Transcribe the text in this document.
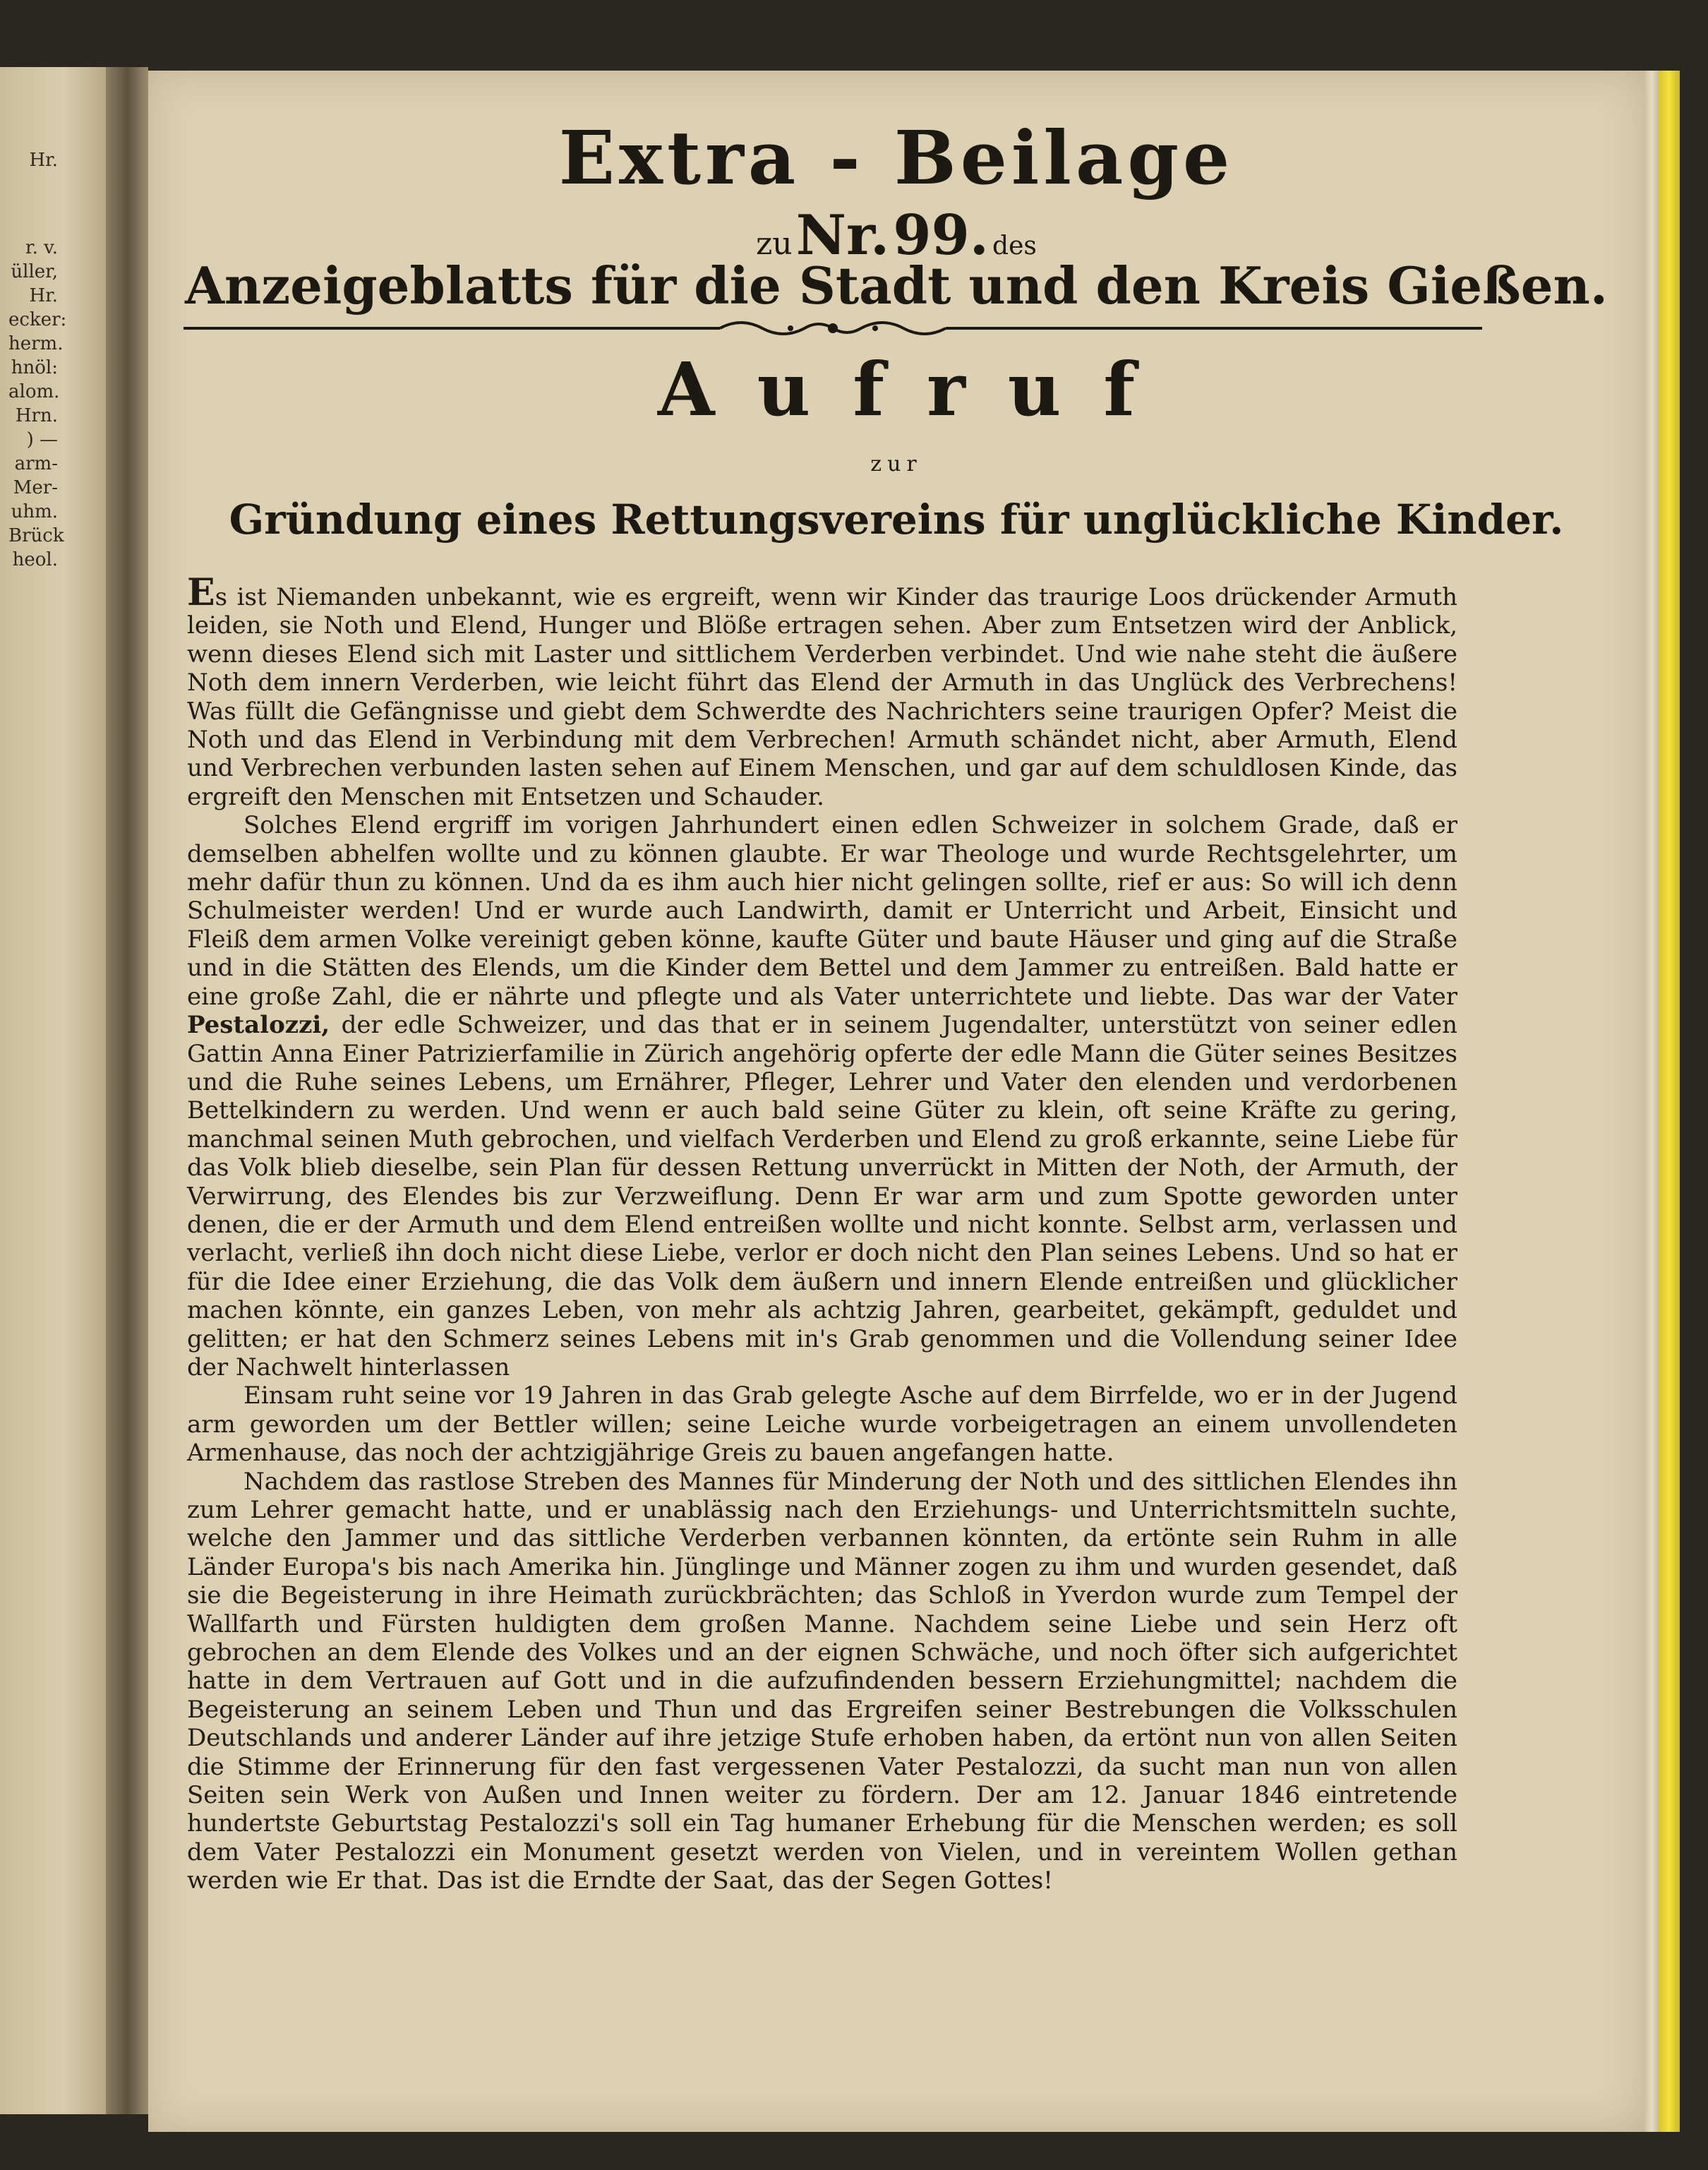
Hr.
r. v.
üller,
Hr.
ecker:
herm.
hnöl:
alom.
Hrn.
) —
arm-
Mer-
uhm.
Brück
heol.
Extra - Beilage
zu Nr. 99. des
Anzeigeblatts für die Stadt und den Kreis Gießen.
Aufruf
zur
Gründung eines Rettungsvereins für unglückliche Kinder.

Es ist Niemanden unbekannt, wie es ergreift, wenn wir Kinder das traurige Loos drückender Armuth leiden, sie Noth und Elend, Hunger und Blöße ertragen sehen. Aber zum Entsetzen wird der Anblick, wenn dieses Elend sich mit Laster und sittlichem Verderben verbindet. Und wie nahe steht die äußere Noth dem innern Verderben, wie leicht führt das Elend der Armuth in das Unglück des Verbrechens! Was füllt die Gefängnisse und giebt dem Schwerdte des Nachrichters seine traurigen Opfer? Meist die Noth und das Elend in Verbindung mit dem Verbrechen! Armuth schändet nicht, aber Armuth, Elend und Verbrechen verbunden lasten sehen auf Einem Menschen, und gar auf dem schuldlosen Kinde, das ergreift den Menschen mit Entsetzen und Schauder.

Solches Elend ergriff im vorigen Jahrhundert einen edlen Schweizer in solchem Grade, daß er demselben abhelfen wollte und zu können glaubte. Er war Theologe und wurde Rechtsgelehrter, um mehr dafür thun zu können. Und da es ihm auch hier nicht gelingen sollte, rief er aus: So will ich denn Schulmeister werden! Und er wurde auch Landwirth, damit er Unterricht und Arbeit, Einsicht und Fleiß dem armen Volke vereinigt geben könne, kaufte Güter und baute Häuser und ging auf die Straße und in die Stätten des Elends, um die Kinder dem Bettel und dem Jammer zu entreißen. Bald hatte er eine große Zahl, die er nährte und pflegte und als Vater unterrichtete und liebte. Das war der Vater Pestalozzi, der edle Schweizer, und das that er in seinem Jugendalter, unterstützt von seiner edlen Gattin Anna Einer Patrizierfamilie in Zürich angehörig opferte der edle Mann die Güter seines Besitzes und die Ruhe seines Lebens, um Ernährer, Pfleger, Lehrer und Vater den elenden und verdorbenen Bettelkindern zu werden. Und wenn er auch bald seine Güter zu klein, oft seine Kräfte zu gering, manchmal seinen Muth gebrochen, und vielfach Verderben und Elend zu groß erkannte, seine Liebe für das Volk blieb dieselbe, sein Plan für dessen Rettung unverrückt in Mitten der Noth, der Armuth, der Verwirrung, des Elendes bis zur Verzweiflung. Denn Er war arm und zum Spotte geworden unter denen, die er der Armuth und dem Elend entreißen wollte und nicht konnte. Selbst arm, verlassen und verlacht, verließ ihn doch nicht diese Liebe, verlor er doch nicht den Plan seines Lebens. Und so hat er für die Idee einer Erziehung, die das Volk dem äußern und innern Elende entreißen und glücklicher machen könnte, ein ganzes Leben, von mehr als achtzig Jahren, gearbeitet, gekämpft, geduldet und gelitten; er hat den Schmerz seines Lebens mit in's Grab genommen und die Vollendung seiner Idee der Nachwelt hinterlassen

Einsam ruht seine vor 19 Jahren in das Grab gelegte Asche auf dem Birrfelde, wo er in der Jugend arm geworden um der Bettler willen; seine Leiche wurde vorbeigetragen an einem unvollendeten Armenhause, das noch der achtzigjährige Greis zu bauen angefangen hatte.

Nachdem das rastlose Streben des Mannes für Minderung der Noth und des sittlichen Elendes ihn zum Lehrer gemacht hatte, und er unablässig nach den Erziehungs- und Unterrichtsmitteln suchte, welche den Jammer und das sittliche Verderben verbannen könnten, da ertönte sein Ruhm in alle Länder Europa's bis nach Amerika hin. Jünglinge und Männer zogen zu ihm und wurden gesendet, daß sie die Begeisterung in ihre Heimath zurückbrächten; das Schloß in Yverdon wurde zum Tempel der Wallfarth und Fürsten huldigten dem großen Manne. Nachdem seine Liebe und sein Herz oft gebrochen an dem Elende des Volkes und an der eignen Schwäche, und noch öfter sich aufgerichtet hatte in dem Vertrauen auf Gott und in die aufzufindenden bessern Erziehungmittel; nachdem die Begeisterung an seinem Leben und Thun und das Ergreifen seiner Bestrebungen die Volksschulen Deutschlands und anderer Länder auf ihre jetzige Stufe erhoben haben, da ertönt nun von allen Seiten die Stimme der Erinnerung für den fast vergessenen Vater Pestalozzi, da sucht man nun von allen Seiten sein Werk von Außen und Innen weiter zu fördern. Der am 12. Januar 1846 eintretende hundertste Geburtstag Pestalozzi's soll ein Tag humaner Erhebung für die Menschen werden; es soll dem Vater Pestalozzi ein Monument gesetzt werden von Vielen, und in vereintem Wollen gethan werden wie Er that. Das ist die Erndte der Saat, das der Segen Gottes!
